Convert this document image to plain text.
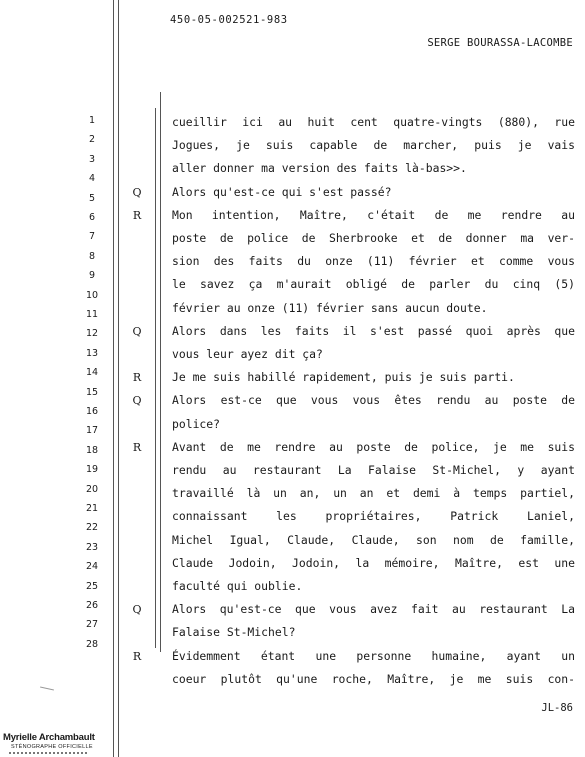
450-05-002521-983
SERGE BOURASSA-LACOMBE
1
2
3
4
5
6
7
8
9
10
11
12
13
14
15
16
17
18
19
20
21
22
23
24
25
26
27
28
cueillir ici au huit cent quatre-vingts (880), rue
Jogues, je suis capable de marcher, puis je vais
aller donner ma version des faits là-bas>>.
Q	Alors qu'est-ce qui s'est passé?
R	Mon intention, Maître, c'était de me rendre au
poste de police de Sherbrooke et de donner ma ver-
sion des faits du onze (11) février et comme vous
le savez ça m'aurait obligé de parler du cinq (5)
février au onze (11) février sans aucun doute.
Q	Alors dans les faits il s'est passé quoi après que
vous leur ayez dit ça?
R	Je me suis habillé rapidement, puis je suis parti.
Q	Alors est-ce que vous vous êtes rendu au poste de
police?
R	Avant de me rendre au poste de police, je me suis
rendu au restaurant La Falaise St-Michel, y ayant
travaillé là un an, un an et demi à temps partiel,
connaissant les propriétaires, Patrick Laniel,
Michel Igual, Claude, Claude, son nom de famille,
Claude Jodoin, Jodoin, la mémoire, Maître, est une
faculté qui oublie.
Q	Alors qu'est-ce que vous avez fait au restaurant La
Falaise St-Michel?
R	Évidemment étant une personne humaine, ayant un
coeur plutôt qu'une roche, Maître, je me suis con-
JL-86
Myrielle Archambault
STÉNOGRAPHE OFFICIELLE
